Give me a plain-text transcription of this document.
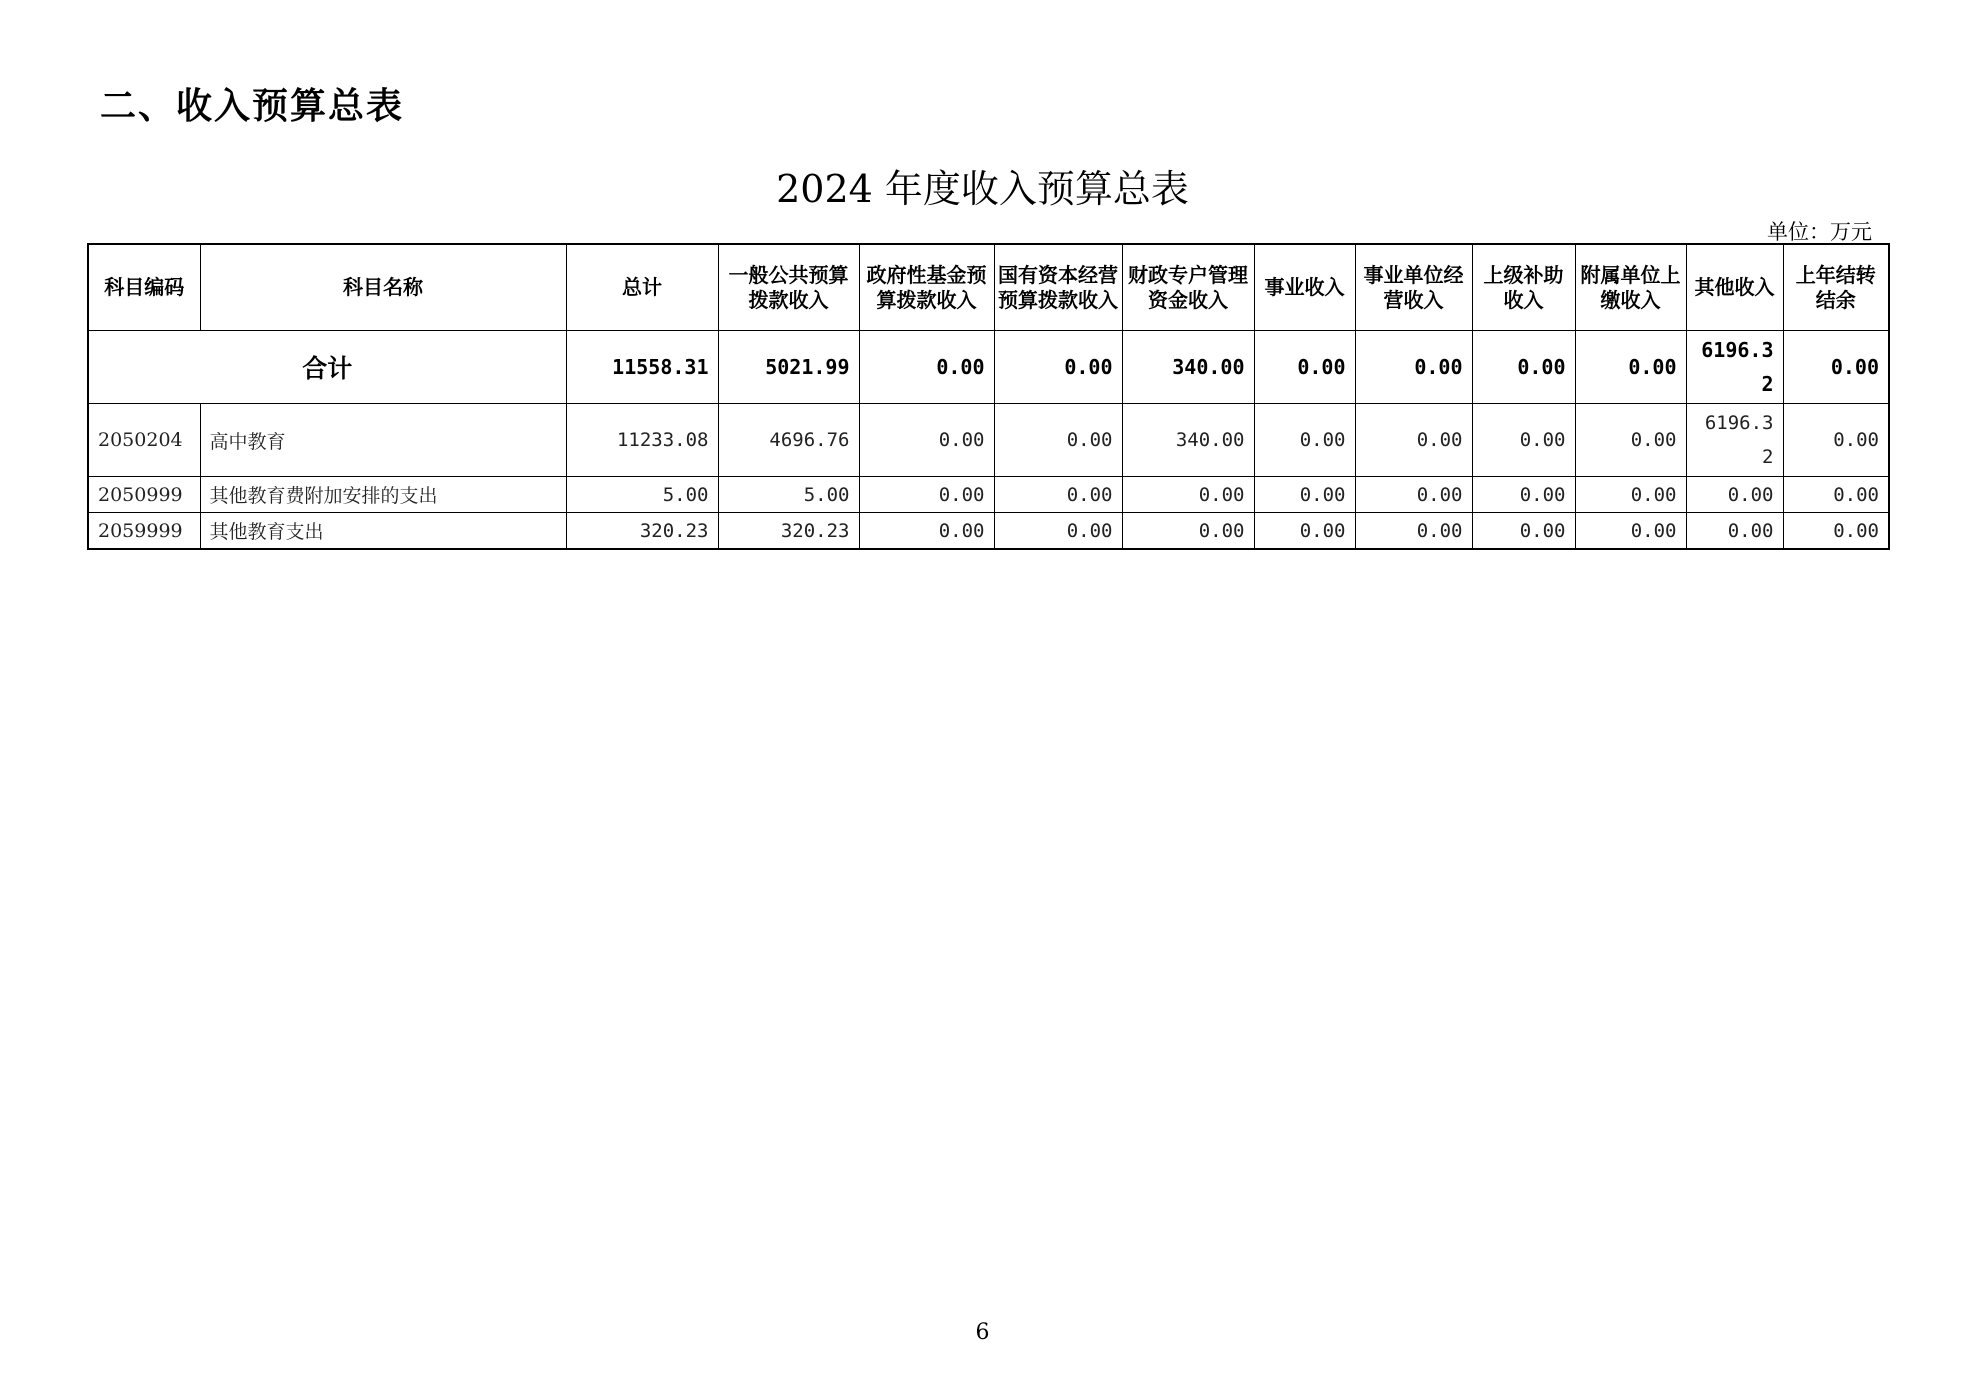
二、收入预算总表
2024 年度收入预算总表
单位：万元
科目编码	科目名称	总计	一般公共预算拨款收入	政府性基金预算拨款收入	国有资本经营预算拨款收入	财政专户管理资金收入	事业收入	事业单位经营收入	上级补助收入	附属单位上缴收入	其他收入	上年结转结余
合计		11558.31	5021.99	0.00	0.00	340.00	0.00	0.00	0.00	0.00	6196.32	0.00
2050204	高中教育	11233.08	4696.76	0.00	0.00	340.00	0.00	0.00	0.00	0.00	6196.32	0.00
2050999	其他教育费附加安排的支出	5.00	5.00	0.00	0.00	0.00	0.00	0.00	0.00	0.00	0.00	0.00
2059999	其他教育支出	320.23	320.23	0.00	0.00	0.00	0.00	0.00	0.00	0.00	0.00	0.00
6
